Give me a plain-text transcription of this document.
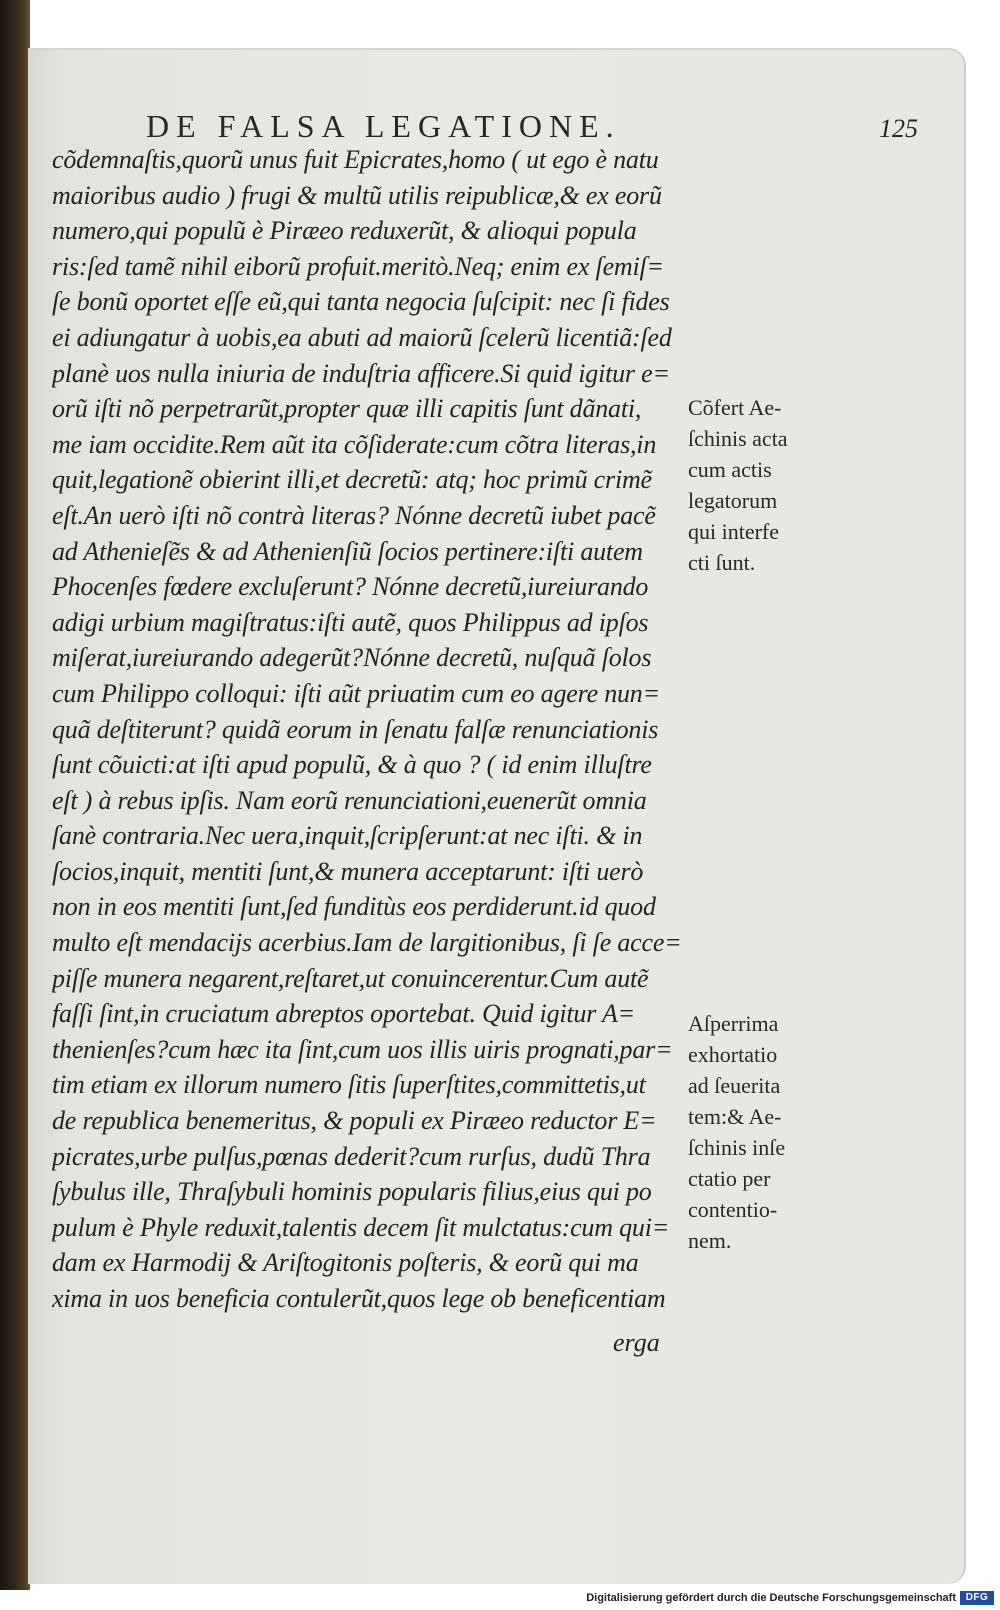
DE FALSA LEGATIONE.	125
cõdemnaſtis,quorũ unus fuit Epicrates,homo ( ut ego è natu
maioribus audio ) frugi & multũ utilis reipublicæ,& ex eorũ
numero,qui populũ è Piræeo reduxerũt, & alioqui popula
ris:ſed tamẽ nihil eiborũ profuit.meritò.Neq; enim ex ſemiſ=
ſe bonũ oportet eſſe eũ,qui tanta negocia ſuſcipit: nec ſi fides
ei adiungatur à uobis,ea abuti ad maiorũ ſcelerũ licentiã:ſed
planè uos nulla iniuria de induſtria afficere.Si quid igitur e=
orũ iſti nõ perpetrarũt,propter quæ illi capitis ſunt dãnati,
me iam occidite.Rem aũt ita cõſiderate:cum cõtra literas,in
quit,legationẽ obierint illi,et decretũ: atq; hoc primũ crimẽ
eſt.An uerò iſti nõ contrà literas? Nónne decretũ iubet pacẽ
ad Athenieſẽs & ad Athenienſiũ ſocios pertinere:iſti autem
Phocenſes fœdere excluſerunt? Nónne decretũ,iureiurando
adigi urbium magiſtratus:iſti autẽ, quos Philippus ad ipſos
miſerat,iureiurando adegerũt?Nónne decretũ, nuſquã ſolos
cum Philippo colloqui: iſti aũt priuatim cum eo agere nun=
quã deſtiterunt? quidã eorum in ſenatu falſæ renunciationis
ſunt cõuicti:at iſti apud populũ, & à quo ? ( id enim illuſtre
eſt ) à rebus ipſis. Nam eorũ renunciationi,euenerũt omnia
ſanè contraria.Nec uera,inquit,ſcripſerunt:at nec iſti. & in
ſocios,inquit, mentiti ſunt,& munera acceptarunt: iſti uerò
non in eos mentiti ſunt,ſed funditùs eos perdiderunt.id quod
multo eſt mendacijs acerbius.Iam de largitionibus, ſi ſe acce=
piſſe munera negarent,reſtaret,ut conuincerentur.Cum autẽ
faſſi ſint,in cruciatum abreptos oportebat. Quid igitur A=
thenienſes?cum hæc ita ſint,cum uos illis uiris prognati,par=
tim etiam ex illorum numero ſitis ſuperſtites,committetis,ut
de republica benemeritus, & populi ex Piræeo reductor E=
picrates,urbe pulſus,pœnas dederit?cum rurſus, dudũ Thra
ſybulus ille, Thraſybuli hominis popularis filius,eius qui po
pulum è Phyle reduxit,talentis decem ſit mulctatus:cum qui=
dam ex Harmodij & Ariſtogitonis poſteris, & eorũ qui ma
xima in uos beneficia contulerũt,quos lege ob beneficentiam
Cõfert Ae-
ſchinis acta
cum actis
legatorum
qui interfe
cti ſunt.
Aſperrima
exhortatio
ad ſeuerita
tem:& Ae-
ſchinis inſe
ctatio per
contentio-
nem.
erga
Digitalisierung gefördert durch die Deutsche Forschungsgemeinschaft DFG
